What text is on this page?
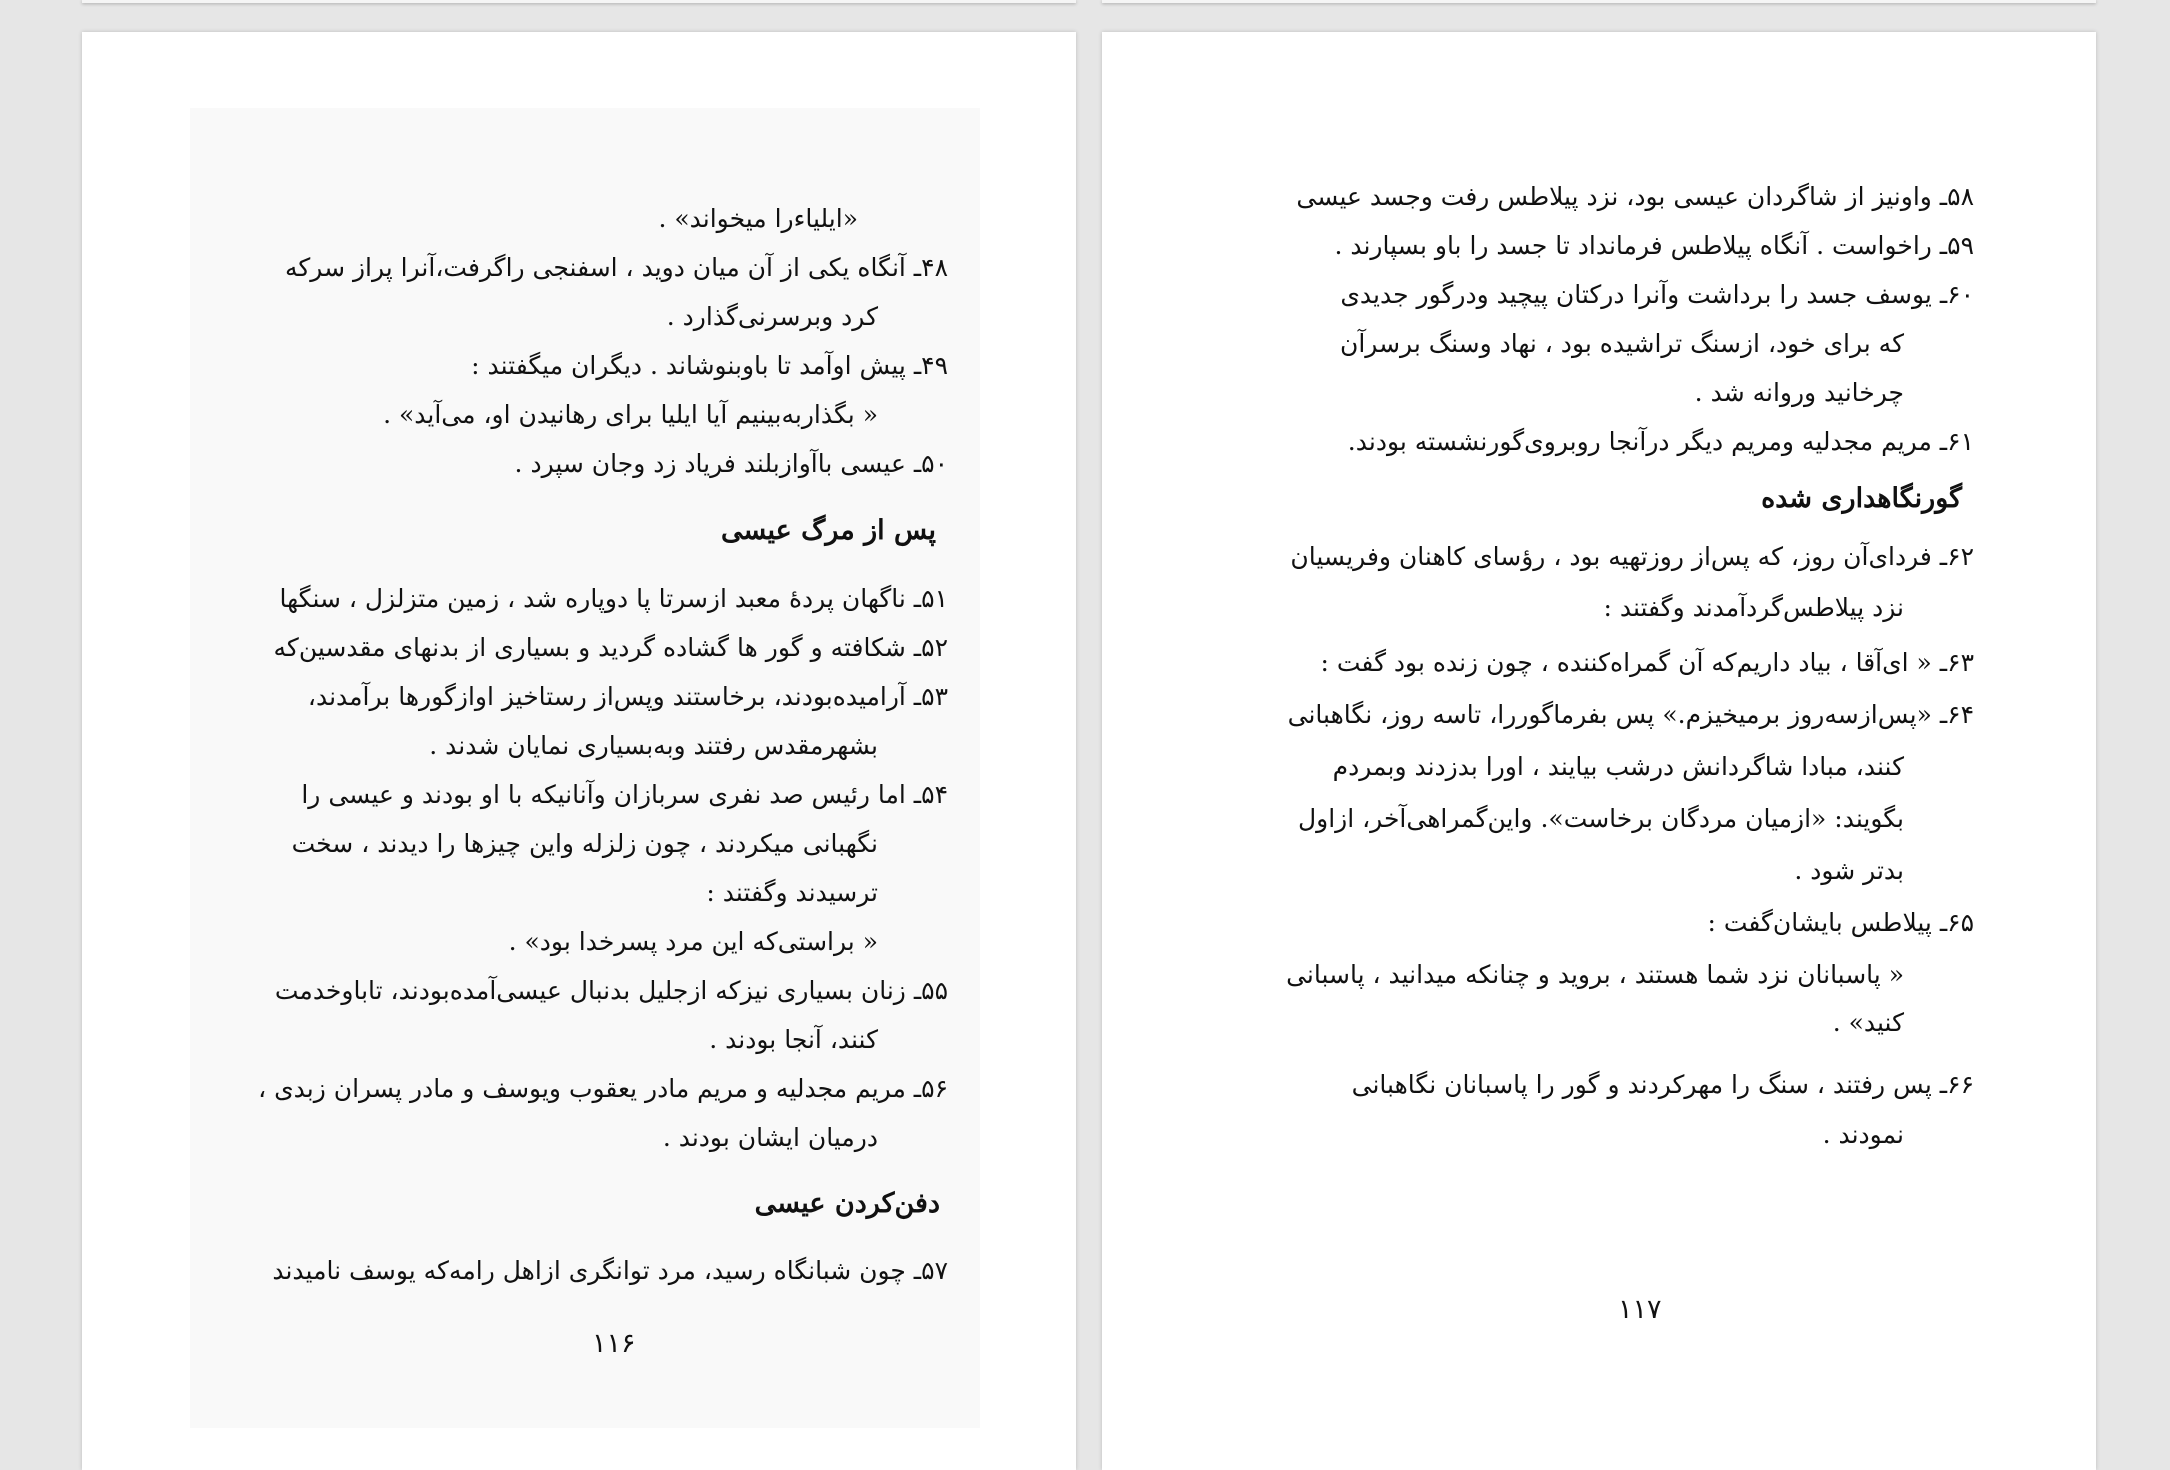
«ایلیاءرا میخواند» .
۴۸ـ آنگاه یکی از آن میان دوید ، اسفنجی راگرفت،آنرا پراز سرکه
کرد وبرسرنی‌گذارد .
۴۹ـ پیش اوآمد تا باوبنوشاند . دیگران میگفتند :
« بگذاربه‌بینیم آیا ایلیا برای رهانیدن او، می‌آید» .
۵۰ـ عیسی باآوازبلند فریاد زد وجان سپرد .
پس از مرگ عیسی
۵۱ـ ناگهان پردهٔ معبد ازسرتا پا دوپاره شد ، زمین متزلزل ، سنگها
۵۲ـ شکافته و گور ها گشاده گردید و بسیاری از بدنهای مقدسین‌که
۵۳ـ آرامیده‌بودند، برخاستند وپس‌از رستاخیز اوازگورها برآمدند،
بشهرمقدس رفتند وبه‌بسیاری نمایان شدند .
۵۴ـ اما رئیس صد نفری سربازان وآنانیکه با او بودند و عیسی را
نگهبانی میکردند ، چون زلزله واین چیزها را دیدند ، سخت
ترسیدند وگفتند :
« براستی‌که این مرد پسرخدا بود» .
۵۵ـ زنان بسیاری نیزکه ازجلیل بدنبال عیسی‌آمده‌بودند، تاباوخدمت
کنند، آنجا بودند .
۵۶ـ مریم مجدلیه و مریم مادر یعقوب ویوسف و مادر پسران زبدی ،
درمیان ایشان بودند .
دفن‌کردن عیسی
۵۷ـ چون شبانگاه رسید، مرد توانگری ازاهل رامه‌که یوسف نامیدند
۱۱۶
۵۸ـ واونیز از شاگردان عیسی بود، نزد پیلاطس رفت وجسد عیسی
۵۹ـ راخواست . آنگاه پیلاطس فرمانداد تا جسد را باو بسپارند .
۶۰ـ یوسف جسد را برداشت وآنرا درکتان پیچید ودرگور جدیدی
که برای خود، ازسنگ تراشیده بود ، نهاد وسنگ برسرآن
چرخانید وروانه شد .
۶۱ـ مریم مجدلیه ومریم دیگر درآنجا روبروی‌گورنشسته بودند.
گورنگاهداری شده
۶۲ـ فردای‌آن روز، که پس‌از روزتهیه بود ، رؤسای کاهنان وفریسیان
نزد پیلاطس‌گردآمدند وگفتند :
۶۳ـ « ای‌آقا ، بیاد داریم‌که آن گمراه‌کننده ، چون زنده بود گفت :
۶۴ـ «پس‌ازسه‌روز برمیخیزم.» پس بفرماگوررا، تاسه روز، نگاهبانی
کنند، مبادا شاگردانش درشب بیایند ، اورا بدزدند وبمردم
بگویند: «ازمیان مردگان برخاست». واین‌گمراهی‌آخر، ازاول
بدتر شود .
۶۵ـ پیلاطس بایشان‌گفت :
« پاسبانان نزد شما هستند ، بروید و چنانکه میدانید ، پاسبانی
کنید» .
۶۶ـ پس رفتند ، سنگ را مهرکردند و گور را پاسبانان نگاهبانی
نمودند .
۱۱۷
